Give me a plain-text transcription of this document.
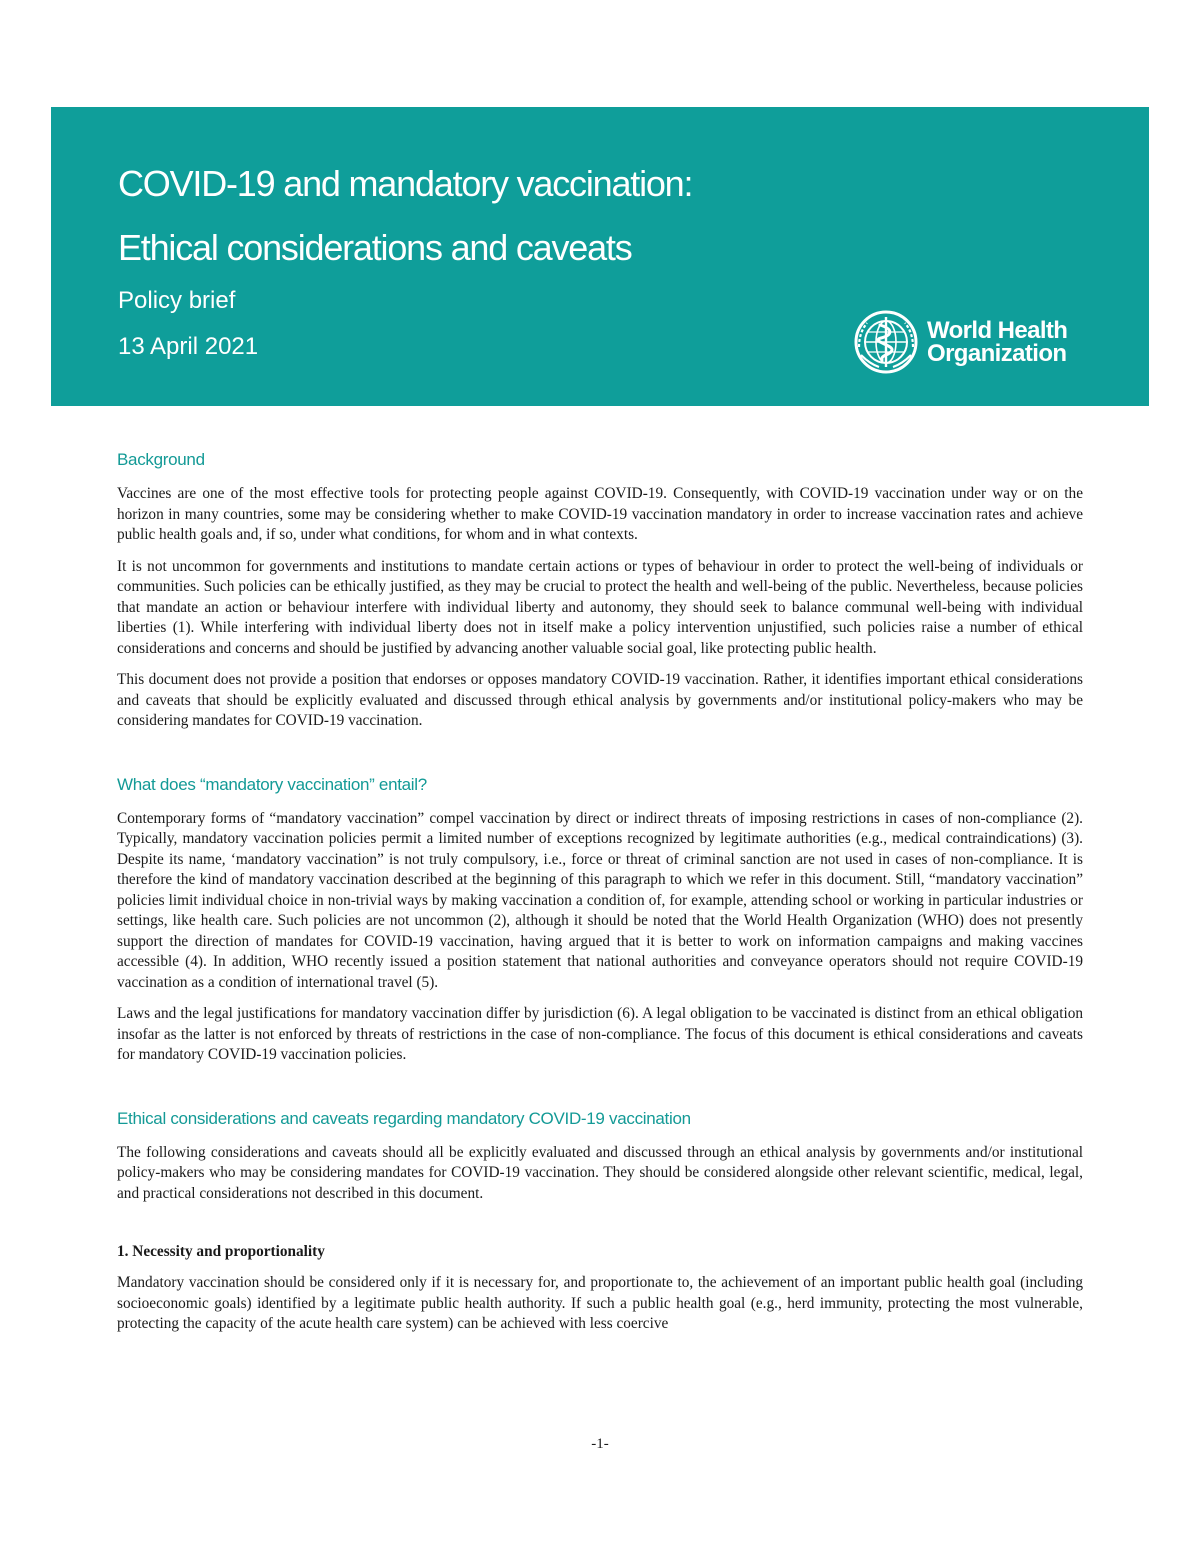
COVID-19 and mandatory vaccination:
Ethical considerations and caveats

Policy brief

13 April 2021

World Health
Organization
Background

Vaccines are one of the most effective tools for protecting people against COVID-19. Consequently, with COVID-19 vaccination under way or on the horizon in many countries, some may be considering whether to make COVID-19 vaccination mandatory in order to increase vaccination rates and achieve public health goals and, if so, under what conditions, for whom and in what contexts.

It is not uncommon for governments and institutions to mandate certain actions or types of behaviour in order to protect the well-being of individuals or communities. Such policies can be ethically justified, as they may be crucial to protect the health and well-being of the public. Nevertheless, because policies that mandate an action or behaviour interfere with individual liberty and autonomy, they should seek to balance communal well-being with individual liberties (1). While interfering with individual liberty does not in itself make a policy intervention unjustified, such policies raise a number of ethical considerations and concerns and should be justified by advancing another valuable social goal, like protecting public health.

This document does not provide a position that endorses or opposes mandatory COVID-19 vaccination. Rather, it identifies important ethical considerations and caveats that should be explicitly evaluated and discussed through ethical analysis by governments and/or institutional policy-makers who may be considering mandates for COVID-19 vaccination.

What does “mandatory vaccination” entail?

Contemporary forms of “mandatory vaccination” compel vaccination by direct or indirect threats of imposing restrictions in cases of non-compliance (2). Typically, mandatory vaccination policies permit a limited number of exceptions recognized by legitimate authorities (e.g., medical contraindications) (3). Despite its name, ‘mandatory vaccination” is not truly compulsory, i.e., force or threat of criminal sanction are not used in cases of non-compliance. It is therefore the kind of mandatory vaccination described at the beginning of this paragraph to which we refer in this document. Still, “mandatory vaccination” policies limit individual choice in non-trivial ways by making vaccination a condition of, for example, attending school or working in particular industries or settings, like health care. Such policies are not uncommon (2), although it should be noted that the World Health Organization (WHO) does not presently support the direction of mandates for COVID-19 vaccination, having argued that it is better to work on information campaigns and making vaccines accessible (4). In addition, WHO recently issued a position statement that national authorities and conveyance operators should not require COVID-19 vaccination as a condition of international travel (5).

Laws and the legal justifications for mandatory vaccination differ by jurisdiction (6). A legal obligation to be vaccinated is distinct from an ethical obligation insofar as the latter is not enforced by threats of restrictions in the case of non-compliance. The focus of this document is ethical considerations and caveats for mandatory COVID-19 vaccination policies.

Ethical considerations and caveats regarding mandatory COVID-19 vaccination

The following considerations and caveats should all be explicitly evaluated and discussed through an ethical analysis by governments and/or institutional policy-makers who may be considering mandates for COVID-19 vaccination. They should be considered alongside other relevant scientific, medical, legal, and practical considerations not described in this document.

1. Necessity and proportionality

Mandatory vaccination should be considered only if it is necessary for, and proportionate to, the achievement of an important public health goal (including socioeconomic goals) identified by a legitimate public health authority. If such a public health goal (e.g., herd immunity, protecting the most vulnerable, protecting the capacity of the acute health care system) can be achieved with less coercive

-1-
